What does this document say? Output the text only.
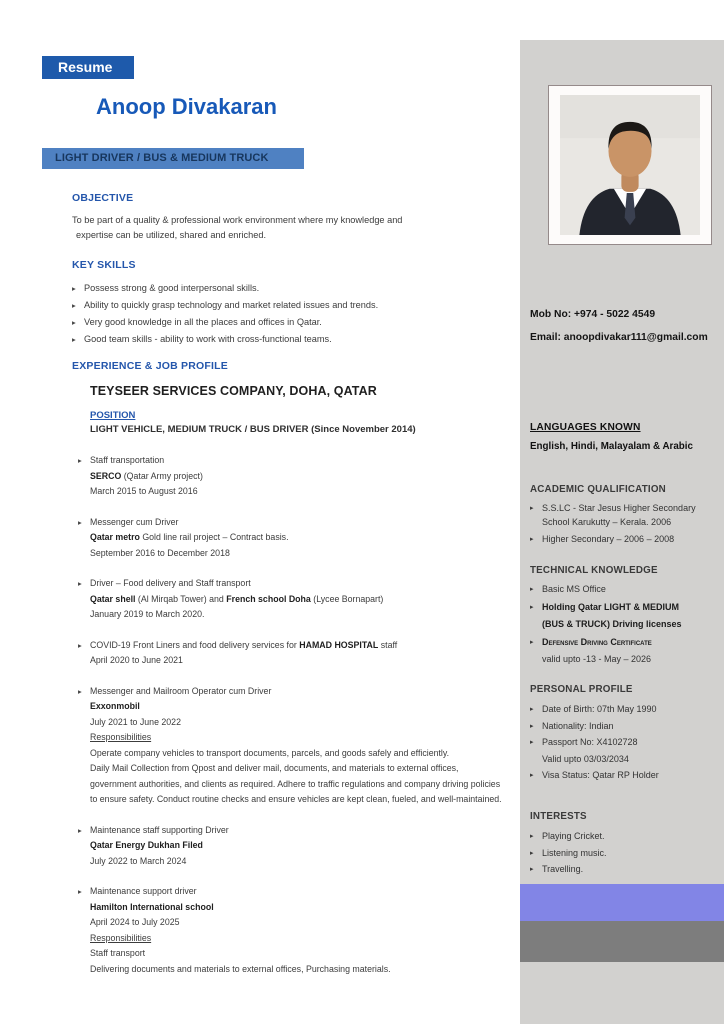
Resume
Anoop Divakaran
LIGHT DRIVER / BUS & MEDIUM TRUCK
OBJECTIVE
To be part of a quality & professional work environment where my knowledge and
expertise can be utilized, shared and enriched.
KEY SKILLS
▸ Possess strong & good interpersonal skills.
▸ Ability to quickly grasp technology and market related issues and trends.
▸ Very good knowledge in all the places and offices in Qatar.
▸ Good team skills - ability to work with cross-functional teams.
EXPERIENCE & JOB PROFILE
TEYSEER SERVICES COMPANY, DOHA, QATAR
POSITION
LIGHT VEHICLE, MEDIUM TRUCK / BUS DRIVER (Since November 2014)
▸ Staff transportation
SERCO (Qatar Army project)
March 2015 to August 2016
▸ Messenger cum Driver
Qatar metro Gold line rail project – Contract basis.
September 2016 to December 2018
▸ Driver – Food delivery and Staff transport
Qatar shell (Al Mirqab Tower) and French school Doha (Lycee Bornapart)
January 2019 to March 2020.
▸ COVID-19 Front Liners and food delivery services for HAMAD HOSPITAL staff
April 2020 to June 2021
▸ Messenger and Mailroom Operator cum Driver
Exxonmobil
July 2021 to June 2022
Responsibilities
Operate company vehicles to transport documents, parcels, and goods safely and efficiently.
Daily Mail Collection from Qpost and deliver mail, documents, and materials to external offices,
government authorities, and clients as required. Adhere to traffic regulations and company driving policies
to ensure safety. Conduct routine checks and ensure vehicles are kept clean, fueled, and well-maintained.
▸ Maintenance staff supporting Driver
Qatar Energy Dukhan Filed
July 2022 to March 2024
▸ Maintenance support driver
Hamilton International school
April 2024 to July 2025
Responsibilities
Staff transport
Delivering documents and materials to external offices, Purchasing materials.
Mob No: +974 - 5022 4549
Email: anoopdivakar111@gmail.com
LANGUAGES KNOWN
English, Hindi, Malayalam & Arabic
ACADEMIC QUALIFICATION
▸ S.S.LC - Star Jesus Higher Secondary School Karukutty – Kerala. 2006
▸ Higher Secondary – 2006 – 2008
TECHNICAL KNOWLEDGE
▸ Basic MS Office
▸ Holding Qatar LIGHT & MEDIUM
(BUS & TRUCK) Driving licenses
▸ Defensive Driving Certificate
valid upto -13 - May – 2026
PERSONAL PROFILE
▸ Date of Birth: 07th May 1990
▸ Nationality: Indian
▸ Passport No: X4102728
Valid upto 03/03/2034
▸ Visa Status: Qatar RP Holder
INTERESTS
▸ Playing Cricket.
▸ Listening music.
▸ Travelling.
